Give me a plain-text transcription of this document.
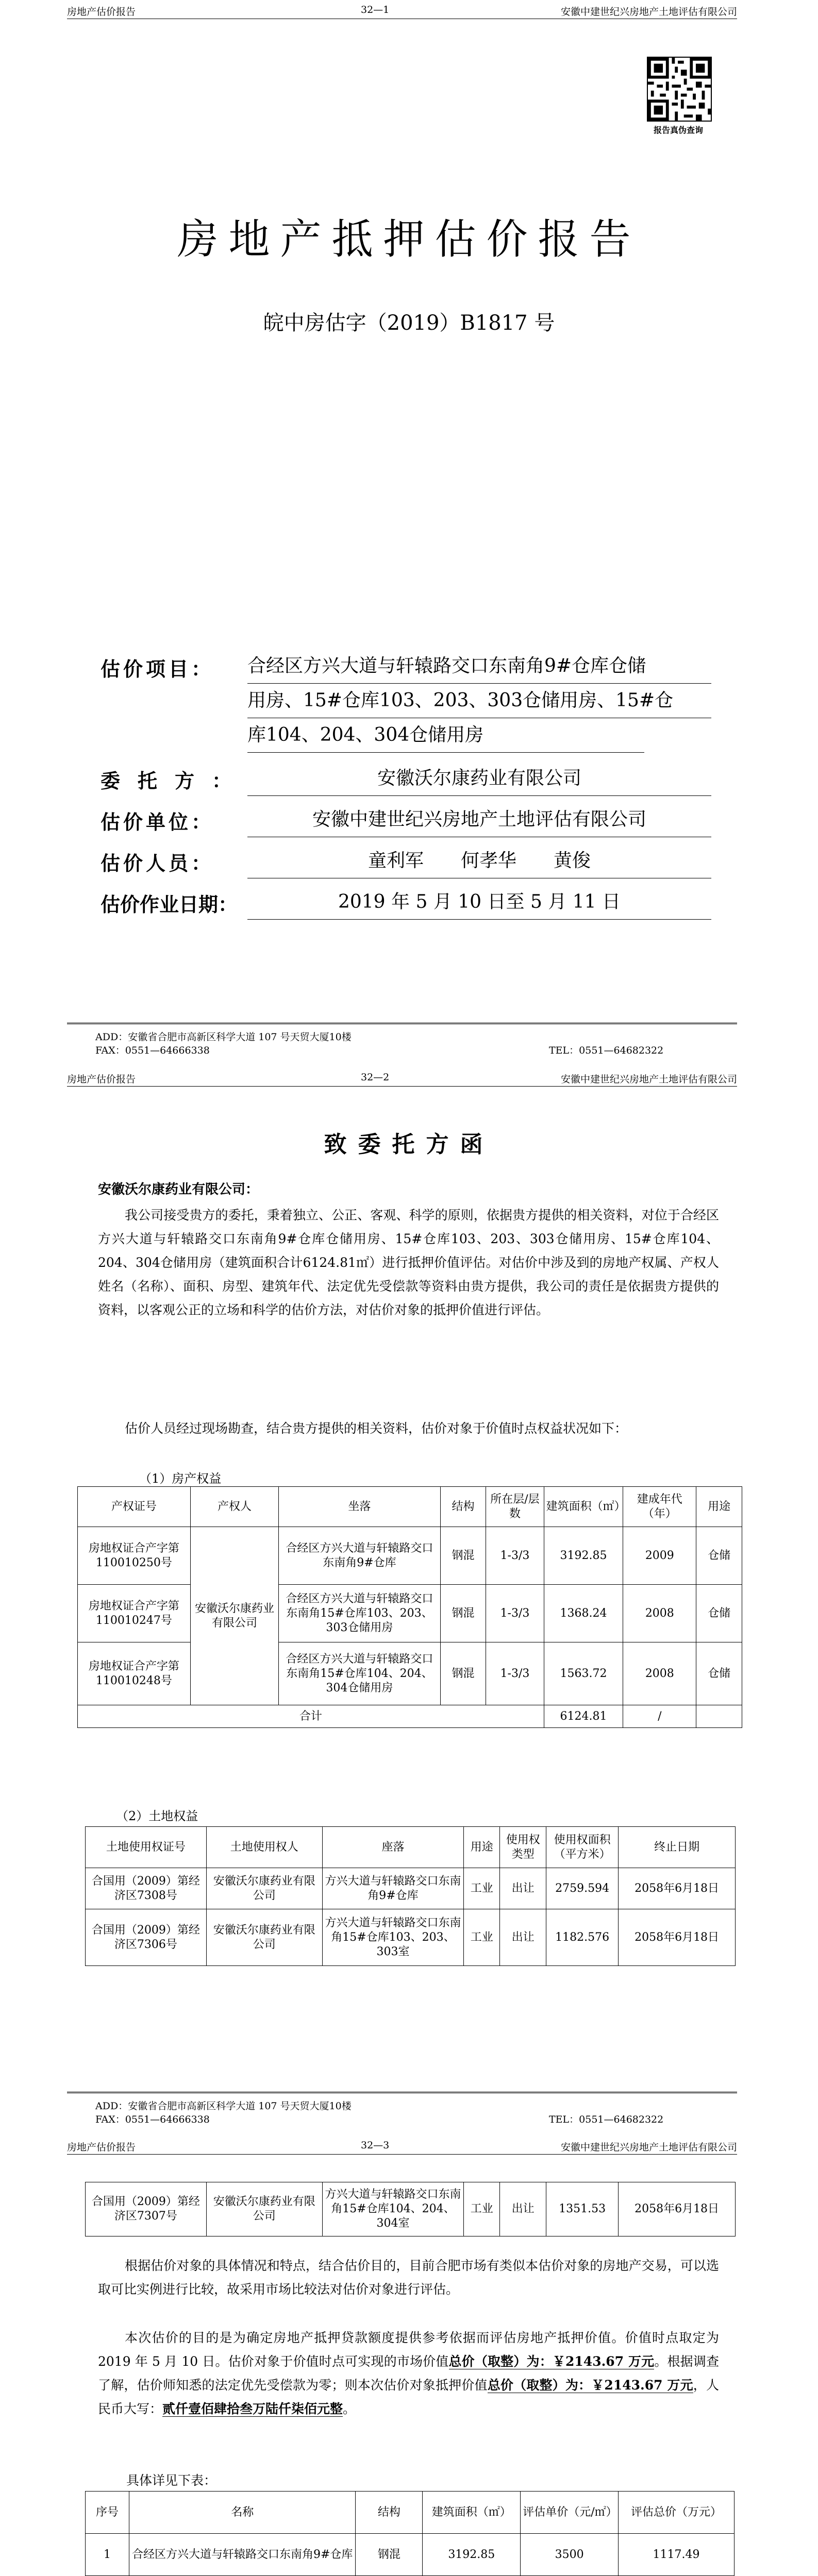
房地产估价报告	32—1	安徽中建世纪兴房地产土地评估有限公司
报告真伪查询
房地产抵押估价报告
皖中房估字（2019）B1817 号
估价项目： 合经区方兴大道与轩辕路交口东南角9#仓库仓储
用房、15#仓库103、203、303仓储用房、15#仓
库104、204、304仓储用房
委托方：	安徽沃尔康药业有限公司
估价单位：	安徽中建世纪兴房地产土地评估有限公司
估价人员：	童利军　　何孝华　　黄俊
估价作业日期：	2019 年 5 月 10 日至 5 月 11 日
ADD：安徽省合肥市高新区科学大道 107 号天贸大厦10楼
FAX：0551—64666338	TEL：0551—64682322
房地产估价报告	32—2	安徽中建世纪兴房地产土地评估有限公司
致委托方函
安徽沃尔康药业有限公司：
我公司接受贵方的委托，秉着独立、公正、客观、科学的原则，依据贵方提供的相关资料，对位于合经区方兴大道与轩辕路交口东南角9#仓库仓储用房、15#仓库103、203、303仓储用房、15#仓库104、204、304仓储用房（建筑面积合计6124.81㎡）进行抵押价值评估。对估价中涉及到的房地产权属、产权人姓名（名称）、面积、房型、建筑年代、法定优先受偿款等资料由贵方提供，我公司的责任是依据贵方提供的资料，以客观公正的立场和科学的估价方法，对估价对象的抵押价值进行评估。
估价人员经过现场勘查，结合贵方提供的相关资料，估价对象于价值时点权益状况如下：
（1）房产权益
产权证号	产权人	坐落	结构	所在层/层数	建筑面积（㎡）	建成年代（年）	用途
房地权证合产字第110010250号	安徽沃尔康药业有限公司	合经区方兴大道与轩辕路交口东南角9#仓库	钢混	1-3/3	3192.85	2009	仓储
房地权证合产字第110010247号		合经区方兴大道与轩辕路交口东南角15#仓库103、203、303仓储用房	钢混	1-3/3	1368.24	2008	仓储
房地权证合产字第110010248号		合经区方兴大道与轩辕路交口东南角15#仓库104、204、304仓储用房	钢混	1-3/3	1563.72	2008	仓储
合计					6124.81	/	
（2）土地权益
土地使用权证号	土地使用权人	座落	用途	使用权类型	使用权面积（平方米）	终止日期
合国用（2009）第经济区7308号	安徽沃尔康药业有限公司	方兴大道与轩辕路交口东南角9#仓库	工业	出让	2759.594	2058年6月18日
合国用（2009）第经济区7306号	安徽沃尔康药业有限公司	方兴大道与轩辕路交口东南角15#仓库103、203、303室	工业	出让	1182.576	2058年6月18日
ADD：安徽省合肥市高新区科学大道 107 号天贸大厦10楼
FAX：0551—64666338	TEL：0551—64682322
房地产估价报告	32—3	安徽中建世纪兴房地产土地评估有限公司
合国用（2009）第经济区7307号	安徽沃尔康药业有限公司	方兴大道与轩辕路交口东南角15#仓库104、204、304室	工业	出让	1351.53	2058年6月18日
根据估价对象的具体情况和特点，结合估价目的，目前合肥市场有类似本估价对象的房地产交易，可以选取可比实例进行比较，故采用市场比较法对估价对象进行评估。
本次估价的目的是为确定房地产抵押贷款额度提供参考依据而评估房地产抵押价值。价值时点取定为 2019 年 5 月 10 日。估价对象于价值时点可实现的市场价值总价（取整）为：￥2143.67 万元。根据调查了解，估价师知悉的法定优先受偿款为零；则本次估价对象抵押价值总价（取整）为：￥2143.67 万元，人民币大写：贰仟壹佰肆拾叁万陆仟柒佰元整。
具体详见下表：
序号	名称	结构	建筑面积（㎡）	评估单价（元/㎡）	评估总价（万元）
1	合经区方兴大道与轩辕路交口东南角9#仓库	钢混	3192.85	3500	1117.49
